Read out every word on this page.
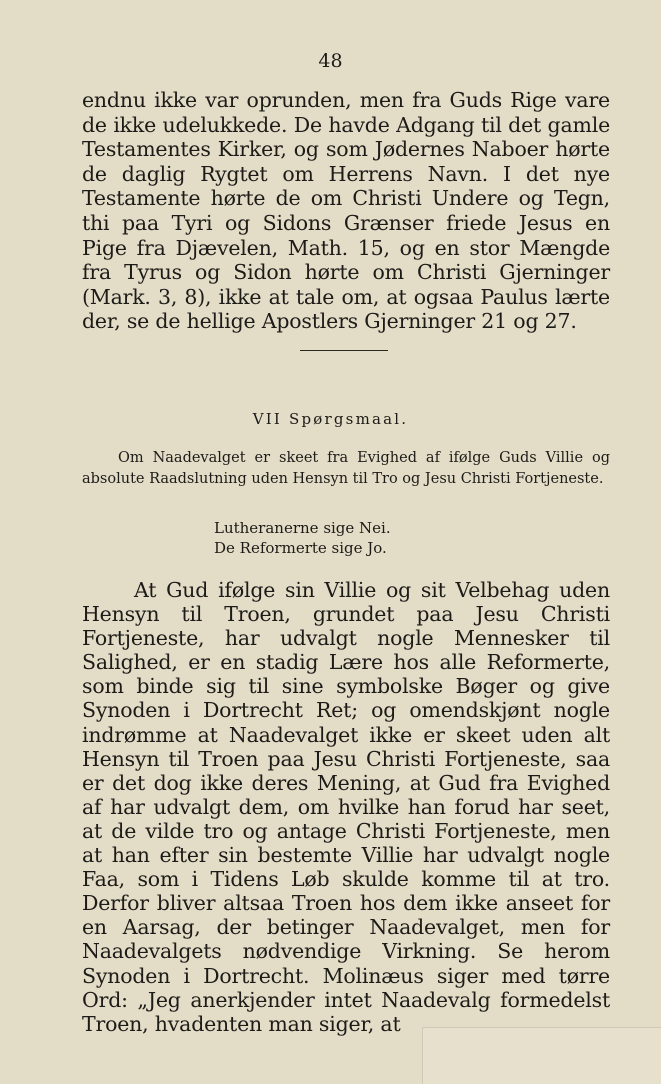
48

endnu ikke var oprunden, men fra Guds Rige vare de ikke udelukkede. De havde Adgang til det gamle Testamentes Kirker, og som Jødernes Naboer hørte de daglig Rygtet om Herrens Navn. I det nye Testamente hørte de om Christi Undere og Tegn, thi paa Tyri og Sidons Grænser friede Jesus en Pige fra Djævelen, Math. 15, og en stor Mængde fra Tyrus og Sidon hørte om Christi Gjerninger (Mark. 3, 8), ikke at tale om, at ogsaa Paulus lærte der, se de hellige Apostlers Gjerninger 21 og 27.

VII Spørgsmaal.

Om Naadevalget er skeet fra Evighed af ifølge Guds Villie og absolute Raadslutning uden Hensyn til Tro og Jesu Christi Fortjeneste.

Lutheranerne sige Nei.
De Reformerte sige Jo.

At Gud ifølge sin Villie og sit Velbehag uden Hensyn til Troen, grundet paa Jesu Christi Fortjeneste, har udvalgt nogle Mennesker til Salighed, er en stadig Lære hos alle Reformerte, som binde sig til sine symbolske Bøger og give Synoden i Dortrecht Ret; og omendskjønt nogle indrømme at Naadevalget ikke er skeet uden alt Hensyn til Troen paa Jesu Christi Fortjeneste, saa er det dog ikke deres Mening, at Gud fra Evighed af har udvalgt dem, om hvilke han forud har seet, at de vilde tro og antage Christi Fortjeneste, men at han efter sin bestemte Villie har udvalgt nogle Faa, som i Tidens Løb skulde komme til at tro. Derfor bliver altsaa Troen hos dem ikke anseet for en Aarsag, der betinger Naadevalget, men for Naadevalgets nødvendige Virkning. Se herom Synoden i Dortrecht. Molinæus siger med tørre Ord: „Jeg anerkjender intet Naadevalg formedelst Troen, hvadenten man siger, at
